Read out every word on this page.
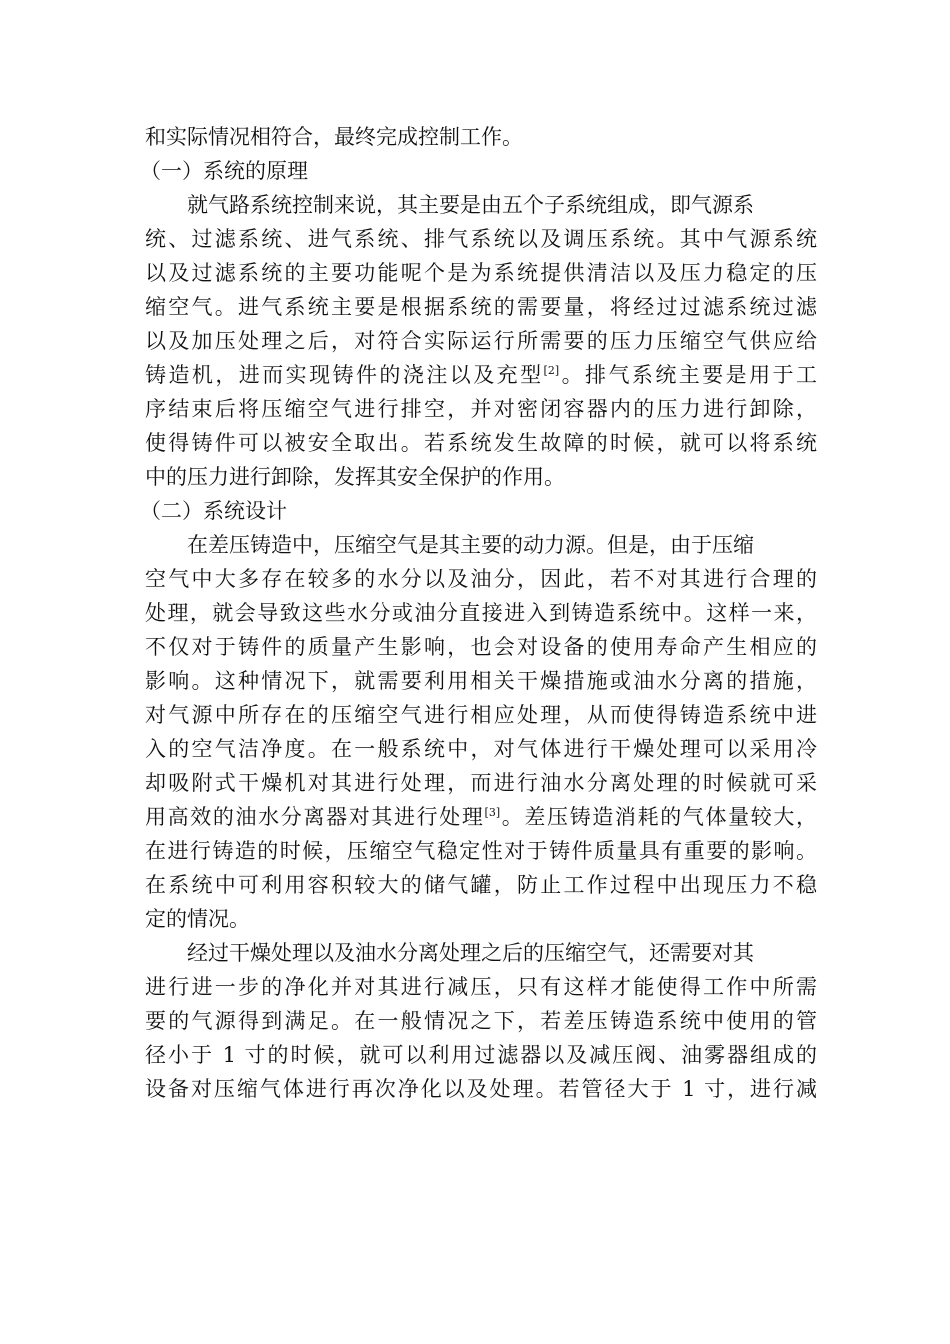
和实际情况相符合，最终完成控制工作。
（一）系统的原理
就气路系统控制来说，其主要是由五个子系统组成，即气源系
统、过滤系统、进气系统、排气系统以及调压系统。其中气源系统
以及过滤系统的主要功能呢个是为系统提供清洁以及压力稳定的压
缩空气。进气系统主要是根据系统的需要量，将经过过滤系统过滤
以及加压处理之后，对符合实际运行所需要的压力压缩空气供应给
铸造机，进而实现铸件的浇注以及充型[2]。排气系统主要是用于工
序结束后将压缩空气进行排空，并对密闭容器内的压力进行卸除，
使得铸件可以被安全取出。若系统发生故障的时候，就可以将系统
中的压力进行卸除，发挥其安全保护的作用。
（二）系统设计
在差压铸造中，压缩空气是其主要的动力源。但是，由于压缩
空气中大多存在较多的水分以及油分，因此，若不对其进行合理的
处理，就会导致这些水分或油分直接进入到铸造系统中。这样一来，
不仅对于铸件的质量产生影响，也会对设备的使用寿命产生相应的
影响。这种情况下，就需要利用相关干燥措施或油水分离的措施，
对气源中所存在的压缩空气进行相应处理，从而使得铸造系统中进
入的空气洁净度。在一般系统中，对气体进行干燥处理可以采用冷
却吸附式干燥机对其进行处理，而进行油水分离处理的时候就可采
用高效的油水分离器对其进行处理[3]。差压铸造消耗的气体量较大，
在进行铸造的时候，压缩空气稳定性对于铸件质量具有重要的影响。
在系统中可利用容积较大的储气罐，防止工作过程中出现压力不稳
定的情况。
经过干燥处理以及油水分离处理之后的压缩空气，还需要对其
进行进一步的净化并对其进行减压，只有这样才能使得工作中所需
要的气源得到满足。在一般情况之下，若差压铸造系统中使用的管
径小于 1 寸的时候，就可以利用过滤器以及减压阀、油雾器组成的
设备对压缩气体进行再次净化以及处理。若管径大于 1 寸，进行减
